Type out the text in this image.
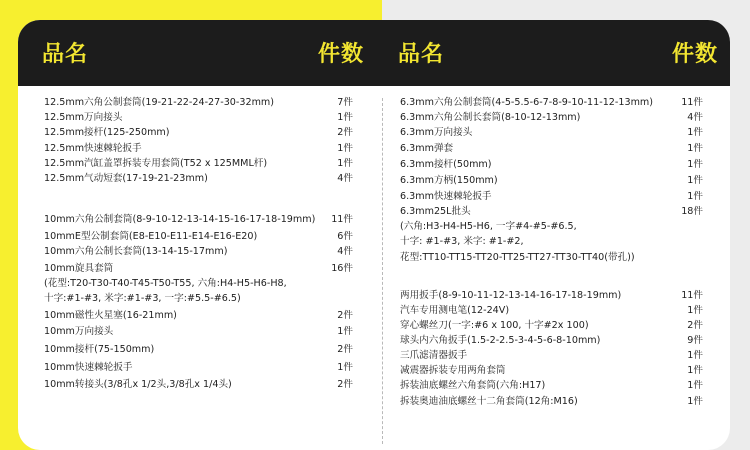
品名	件数 品名	件数
12.5mm六角公制套筒(19-21-22-24-27-30-32mm)	7件
12.5mm万向接头	1件
12.5mm接杆(125-250mm)	2件
12.5mm快速棘轮扳手	1件
12.5mm汽缸盖罩拆装专用套筒(T52 x 125MML杆)	1件
12.5mm气动短套(17-19-21-23mm)	4件
10mm六角公制套筒(8-9-10-12-13-14-15-16-17-18-19mm)	11件
10mmE型公制套筒(E8-E10-E11-E14-E16-E20)	6件
10mm六角公制长套筒(13-14-15-17mm)	4件
10mm旋具套筒	16件
(花型:T20-T30-T40-T45-T50-T55, 六角:H4-H5-H6-H8,
十字:#1-#3, 米字:#1-#3, 一字:#5.5-#6.5)
10mm磁性火星塞(16-21mm)	2件
10mm万向接头	1件
10mm接杆(75-150mm)	2件
10mm快速棘轮扳手	1件
10mm转接头(3/8孔x 1/2头,3/8孔x 1/4头)	2件
6.3mm六角公制套筒(4-5-5.5-6-7-8-9-10-11-12-13mm)	11件
6.3mm六角公制长套筒(8-10-12-13mm)	4件
6.3mm万向接头	1件
6.3mm弹套	1件
6.3mm接杆(50mm)	1件
6.3mm方柄(150mm)	1件
6.3mm快速棘轮扳手	1件
6.3mm25L批头	18件
(六角:H3-H4-H5-H6, 一字#4-#5-#6.5,
十字: #1-#3, 米字: #1-#2,
花型:TT10-TT15-TT20-TT25-TT27-TT30-TT40(带孔))
两用扳手(8-9-10-11-12-13-14-16-17-18-19mm)	11件
汽车专用测电笔(12-24V)	1件
穿心螺丝刀(一字:#6 x 100, 十字#2x 100)	2件
球头内六角扳手(1.5-2-2.5-3-4-5-6-8-10mm)	9件
三爪滤清器扳手	1件
减震器拆装专用两角套筒	1件
拆装油底螺丝六角套筒(六角:H17)	1件
拆装奥迪油底螺丝十二角套筒(12角:M16)	1件
